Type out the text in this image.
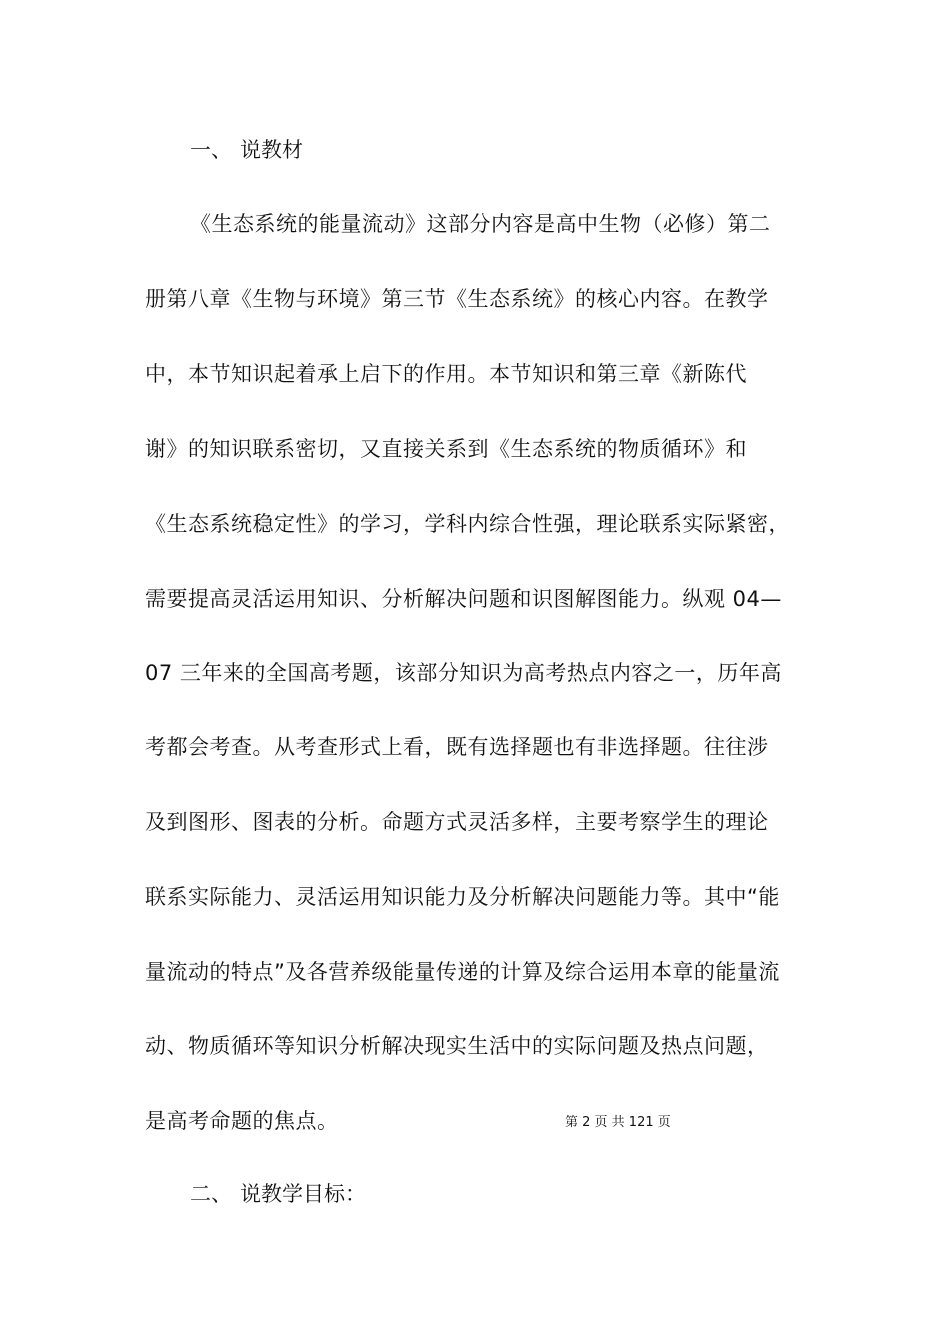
一、 说教材
《生态系统的能量流动》这部分内容是高中生物（必修）第二
册第八章《生物与环境》第三节《生态系统》的核心内容。在教学
中，本节知识起着承上启下的作用。本节知识和第三章《新陈代
谢》的知识联系密切，又直接关系到《生态系统的物质循环》和
《生态系统稳定性》的学习，学科内综合性强，理论联系实际紧密，
需要提高灵活运用知识、分析解决问题和识图解图能力。纵观 04—
07 三年来的全国高考题，该部分知识为高考热点内容之一，历年高
考都会考查。从考查形式上看，既有选择题也有非选择题。往往涉
及到图形、图表的分析。命题方式灵活多样，主要考察学生的理论
联系实际能力、灵活运用知识能力及分析解决问题能力等。其中“能
量流动的特点”及各营养级能量传递的计算及综合运用本章的能量流
动、物质循环等知识分析解决现实生活中的实际问题及热点问题，
是高考命题的焦点。	第 2 页 共 121 页
二、 说教学目标：
